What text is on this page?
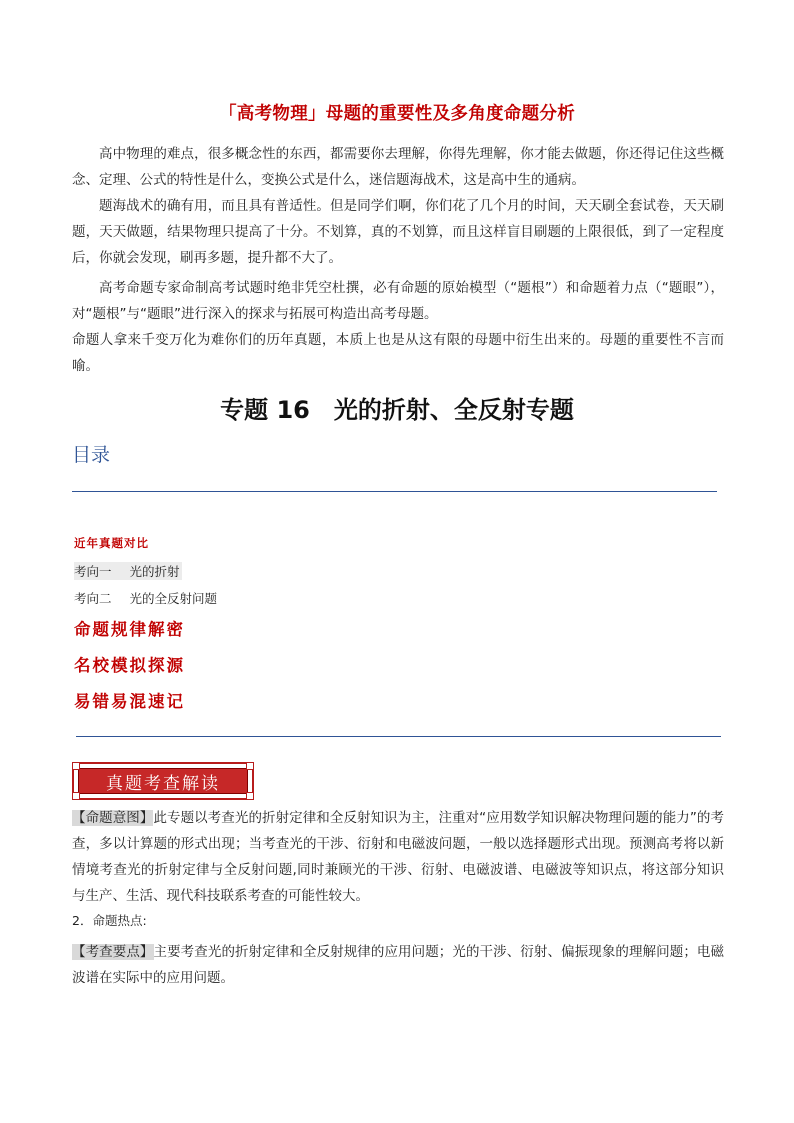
「高考物理」母题的重要性及多角度命题分析
高中物理的难点，很多概念性的东西，都需要你去理解，你得先理解，你才能去做题，你还得记住这些概念、定理、公式的特性是什么，变换公式是什么，迷信题海战术，这是高中生的通病。
题海战术的确有用，而且具有普适性。但是同学们啊，你们花了几个月的时间，天天刷全套试卷，天天刷题，天天做题，结果物理只提高了十分。不划算，真的不划算，而且这样盲目刷题的上限很低，到了一定程度后，你就会发现，刷再多题，提升都不大了。
高考命题专家命制高考试题时绝非凭空杜撰，必有命题的原始模型（“题根”）和命题着力点（“题眼”），对“题根”与“题眼”进行深入的探求与拓展可构造出高考母题。
命题人拿来千变万化为难你们的历年真题，本质上也是从这有限的母题中衍生出来的。母题的重要性不言而喻。
专题 16　光的折射、全反射专题
目录
近年真题对比
考向一 光的折射
考向二 光的全反射问题
命题规律解密
名校模拟探源
易错易混速记
真题考查解读
【命题意图】此专题以考查光的折射定律和全反射知识为主，注重对“应用数学知识解决物理问题的能力”的考查，多以计算题的形式出现；当考查光的干涉、衍射和电磁波问题，一般以选择题形式出现。预测高考将以新情境考查光的折射定律与全反射问题,同时兼顾光的干涉、衍射、电磁波谱、电磁波等知识点，将这部分知识与生产、生活、现代科技联系考查的可能性较大。
2．命题热点:
【考查要点】主要考查光的折射定律和全反射规律的应用问题；光的干涉、衍射、偏振现象的理解问题；电磁波谱在实际中的应用问题。
